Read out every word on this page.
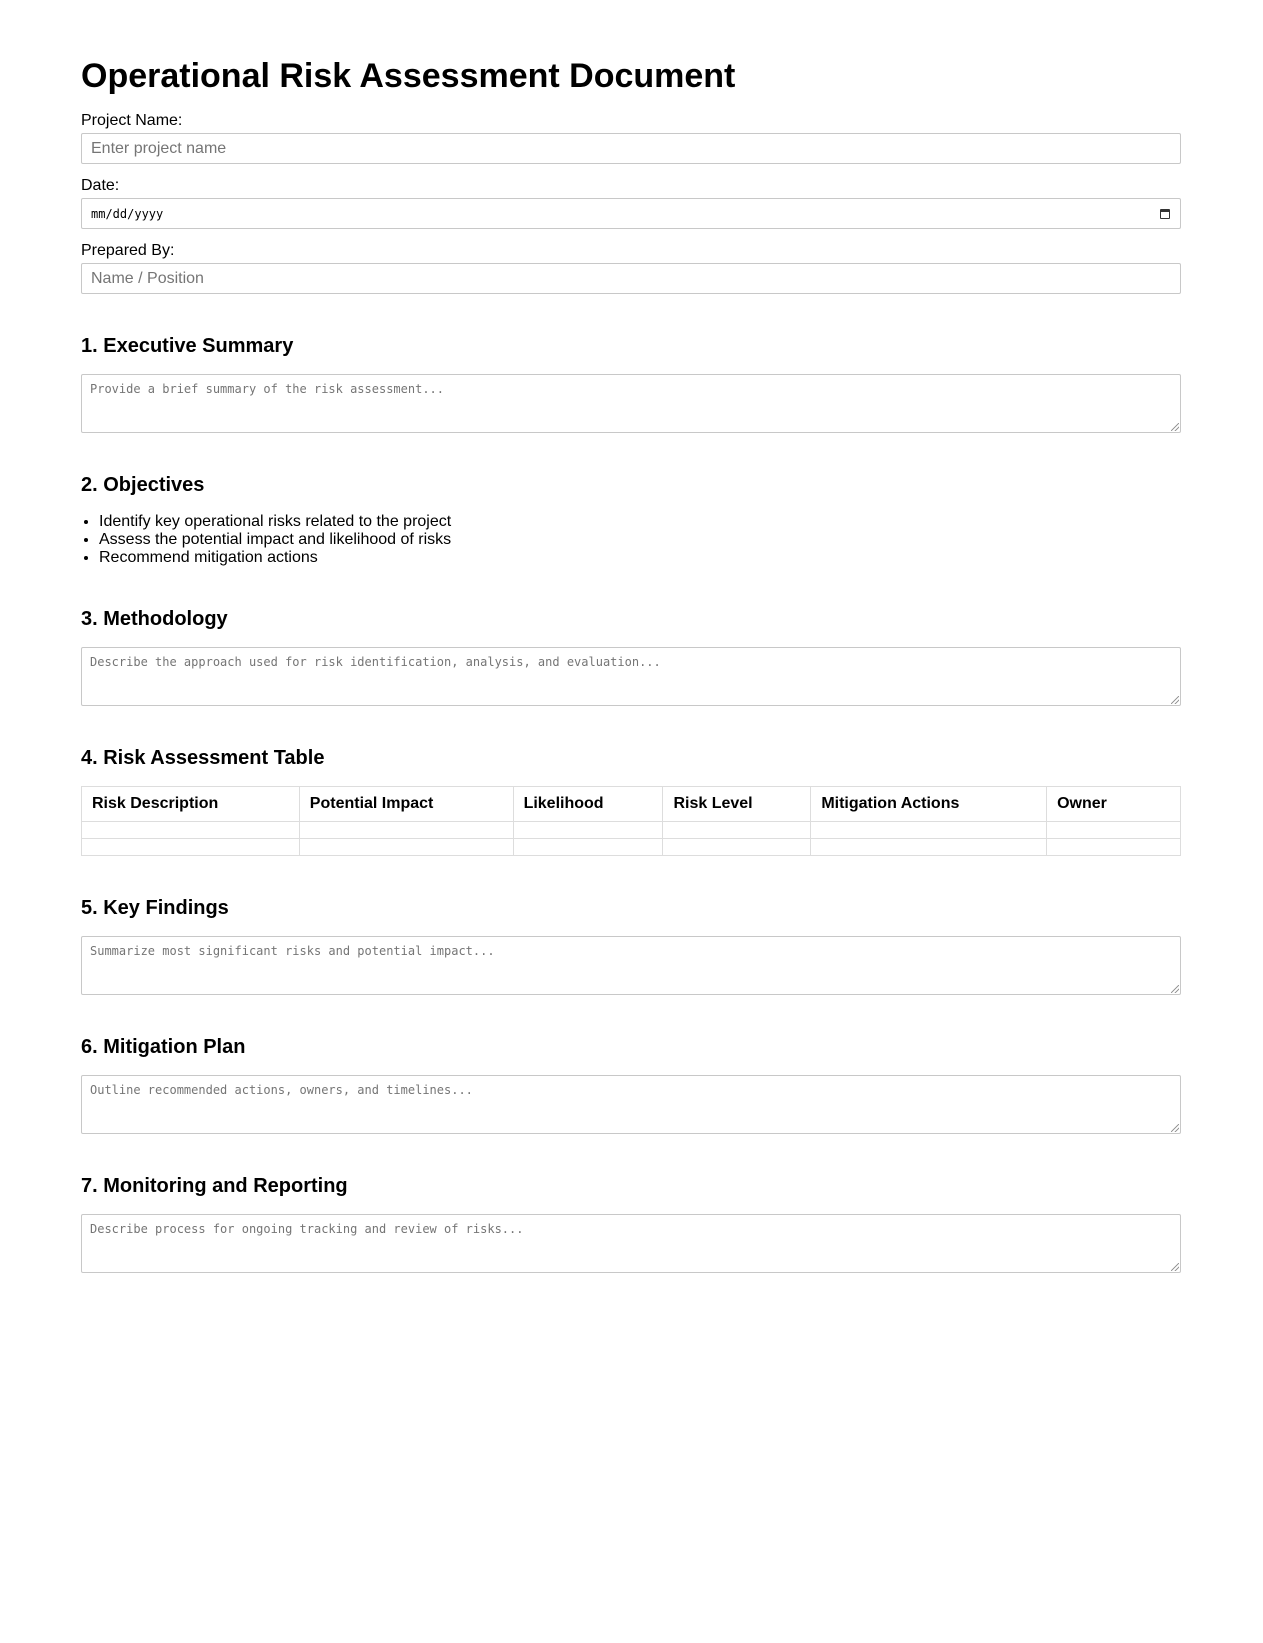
Operational Risk Assessment Document
Project Name:
Enter project name
Date:
mm/dd/yyyy
Prepared By:
Name / Position
1. Executive Summary
Provide a brief summary of the risk assessment...
2. Objectives
• Identify key operational risks related to the project
• Assess the potential impact and likelihood of risks
• Recommend mitigation actions
3. Methodology
Describe the approach used for risk identification, analysis, and evaluation...
4. Risk Assessment Table
Risk Description	Potential Impact	Likelihood	Risk Level	Mitigation Actions	Owner

5. Key Findings
Summarize most significant risks and potential impact...
6. Mitigation Plan
Outline recommended actions, owners, and timelines...
7. Monitoring and Reporting
Describe process for ongoing tracking and review of risks...
